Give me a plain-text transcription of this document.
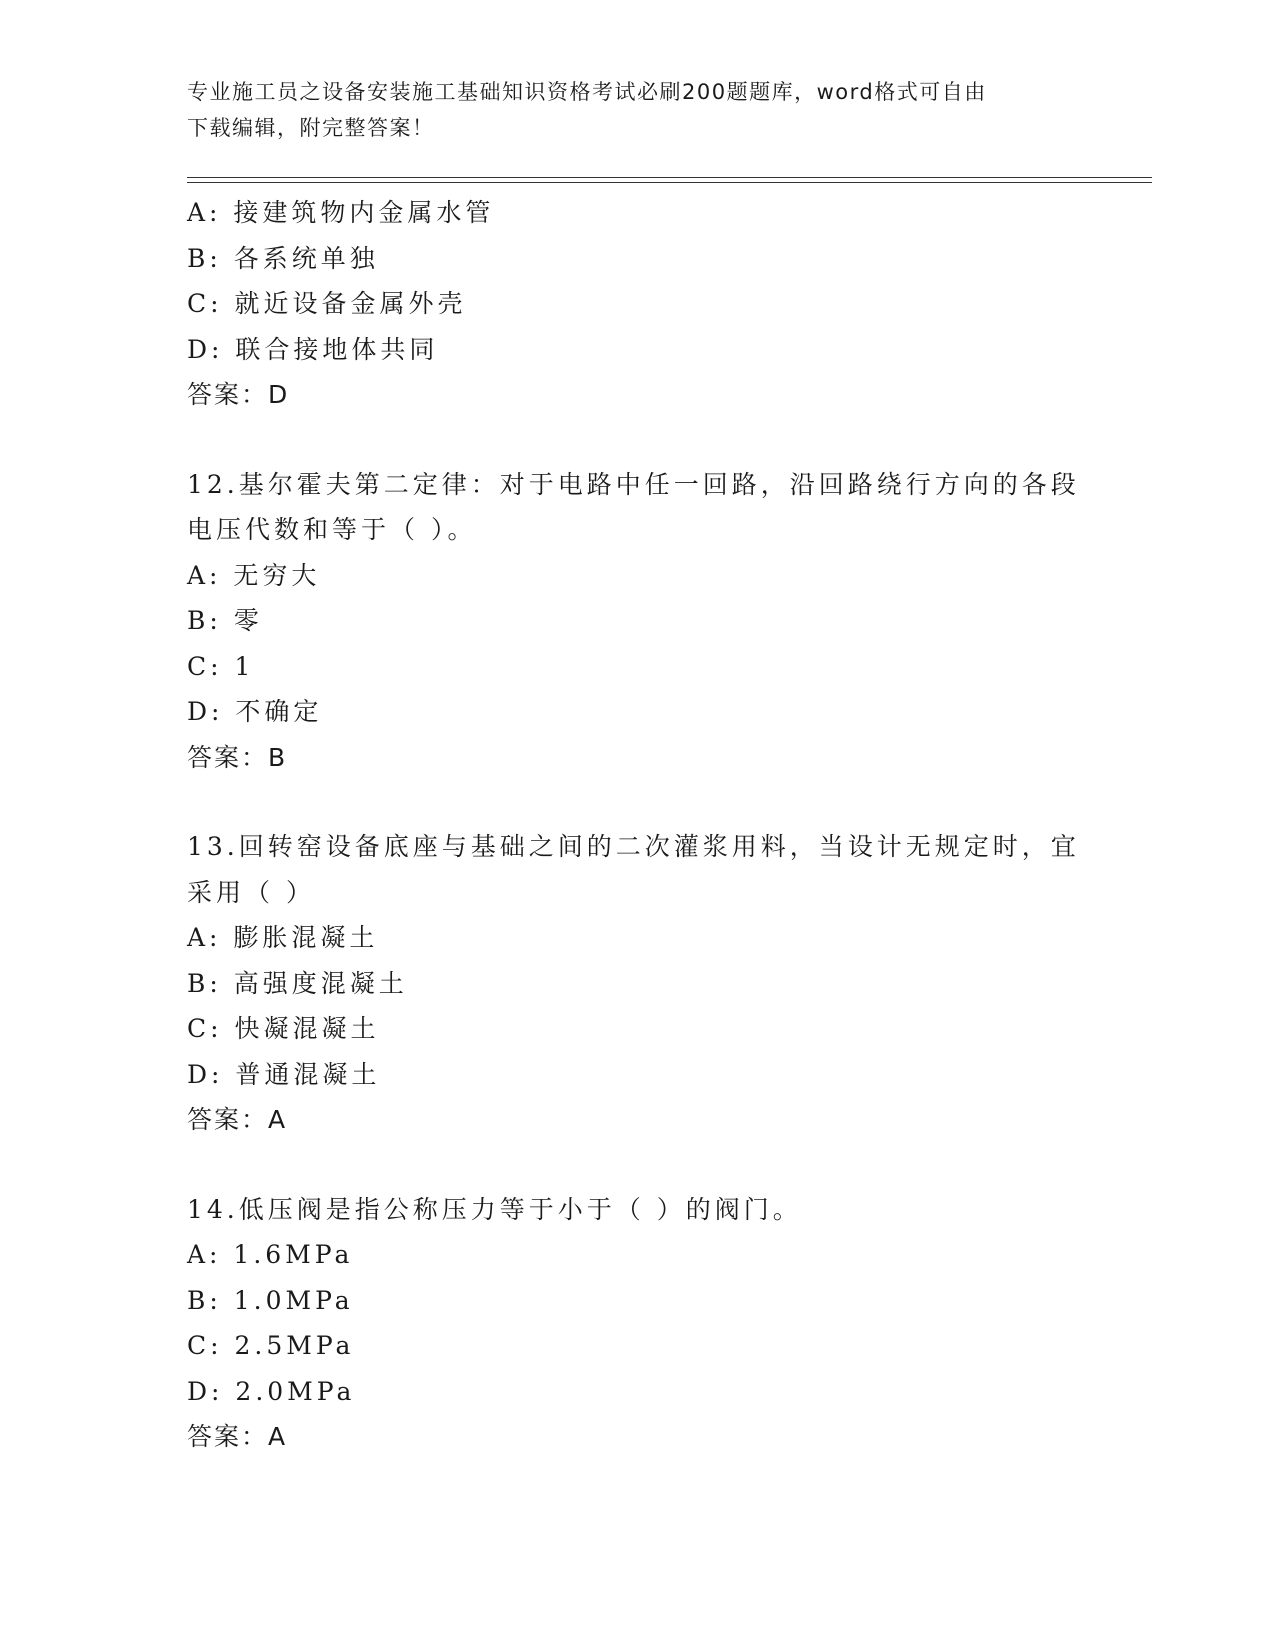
专业施工员之设备安装施工基础知识资格考试必刷200题题库，word格式可自由
下载编辑，附完整答案！
A: 接建筑物内金属水管
B: 各系统单独
C: 就近设备金属外壳
D: 联合接地体共同
答案：D
12.基尔霍夫第二定律：对于电路中任一回路，沿回路绕行方向的各段
电压代数和等于（ ）。
A: 无穷大
B: 零
C: 1
D: 不确定
答案：B
13.回转窑设备底座与基础之间的二次灌浆用料，当设计无规定时，宜
采用（ ）
A: 膨胀混凝土
B: 高强度混凝土
C: 快凝混凝土
D: 普通混凝土
答案：A
14.低压阀是指公称压力等于小于（ ）的阀门。
A: 1.6MPa
B: 1.0MPa
C: 2.5MPa
D: 2.0MPa
答案：A
